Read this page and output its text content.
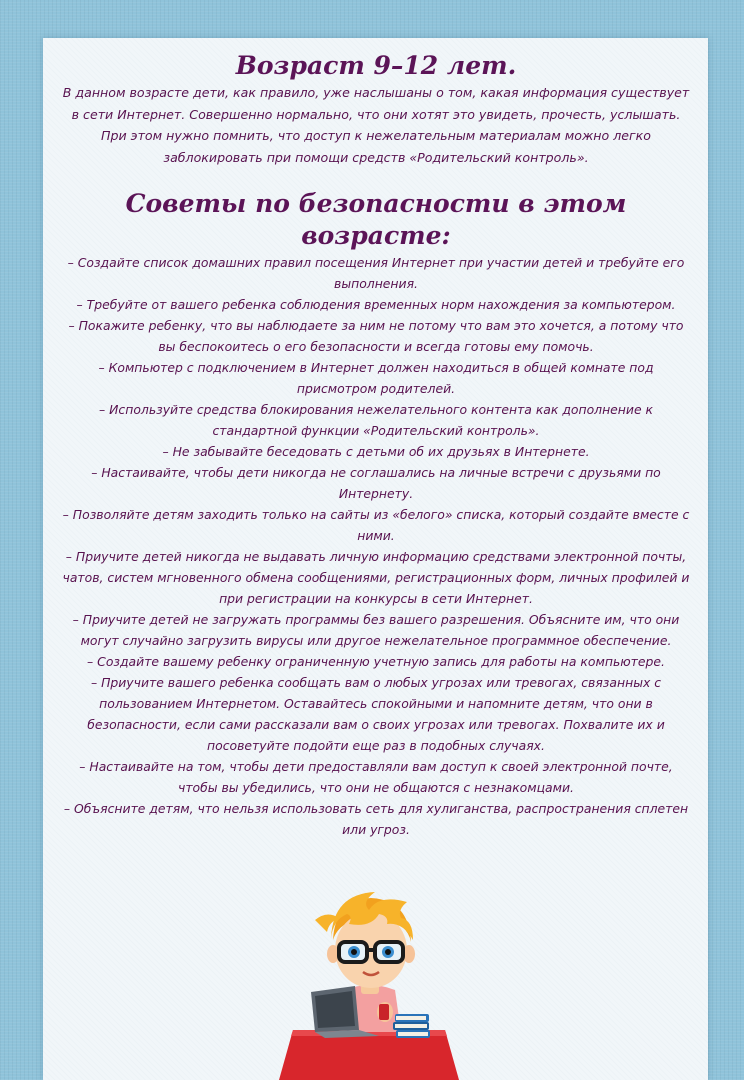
Возраст 9–12 лет.

В данном возрасте дети, как правило, уже наслышаны о том, какая информация существует в сети Интернет. Совершенно нормально, что они хотят это увидеть, прочесть, услышать. При этом нужно помнить, что доступ к нежелательным материалам можно легко заблокировать при помощи средств «Родительский контроль».

Советы по безопасности в этом возрасте:
– Создайте список домашних правил посещения Интернет при участии детей и требуйте его выполнения.
– Требуйте от вашего ребенка соблюдения временных норм нахождения за компьютером.
– Покажите ребенку, что вы наблюдаете за ним не потому что вам это хочется, а потому что вы беспокоитесь о его безопасности и всегда готовы ему помочь.
– Компьютер с подключением в Интернет должен находиться в общей комнате под присмотром родителей.
– Используйте средства блокирования нежелательного контента как дополнение к стандартной функции «Родительский контроль».
– Не забывайте беседовать с детьми об их друзьях в Интернете.
– Настаивайте, чтобы дети никогда не соглашались на личные встречи с друзьями по Интернету.
– Позволяйте детям заходить только на сайты из «белого» списка, который создайте вместе с ними.
– Приучите детей никогда не выдавать личную информацию средствами электронной почты, чатов, систем мгновенного обмена сообщениями, регистрационных форм, личных профилей и при регистрации на конкурсы в сети Интернет.
– Приучите детей не загружать программы без вашего разрешения. Объясните им, что они могут случайно загрузить вирусы или другое нежелательное программное обеспечение.
– Создайте вашему ребенку ограниченную учетную запись для работы на компьютере.
– Приучите вашего ребенка сообщать вам о любых угрозах или тревогах, связанных с пользованием Интернетом. Оставайтесь спокойными и напомните детям, что они в безопасности, если сами рассказали вам о своих угрозах или тревогах. Похвалите их и посоветуйте подойти еще раз в подобных случаях.
– Настаивайте на том, чтобы дети предоставляли вам доступ к своей электронной почте, чтобы вы убедились, что они не общаются с незнакомцами.
– Объясните детям, что нельзя использовать сеть для хулиганства, распространения сплетен или угроз.
